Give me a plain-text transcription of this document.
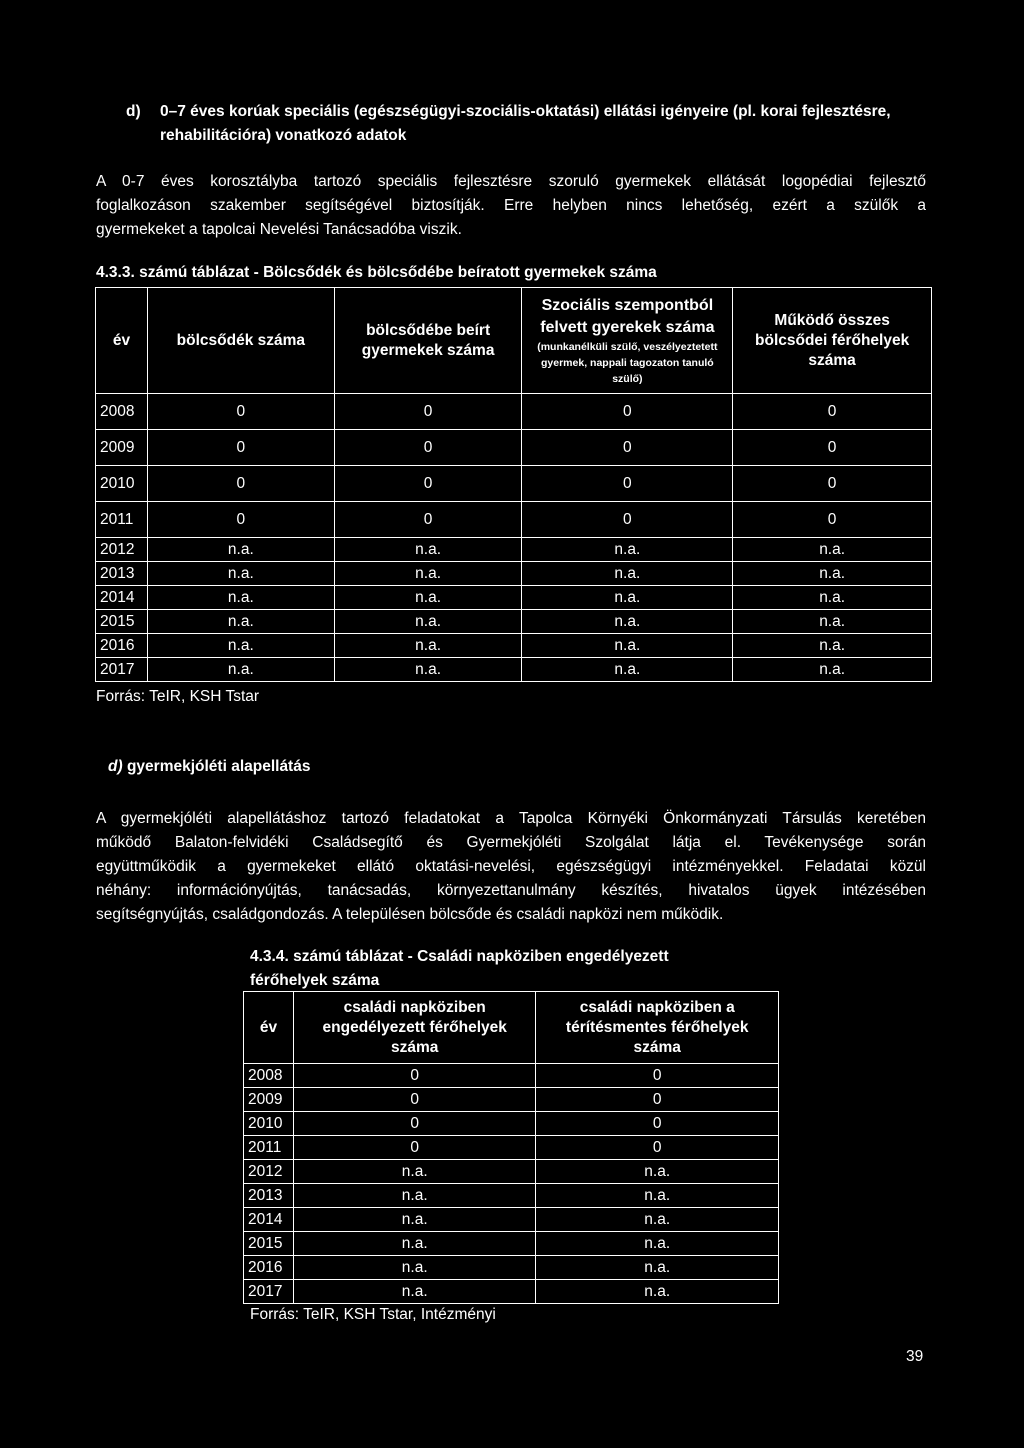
d) 0–7 éves korúak speciális (egészségügyi-szociális-oktatási) ellátási igényeire (pl. korai fejlesztésre,
rehabilitációra) vonatkozó adatok
A 0-7 éves korosztályba tartozó speciális fejlesztésre szoruló gyermekek ellátását logopédiai fejlesztő
foglalkozáson szakember segítségével biztosítják. Erre helyben nincs lehetőség, ezért a szülők a
gyermekeket a tapolcai Nevelési Tanácsadóba viszik.
4.3.3. számú táblázat - Bölcsődék és bölcsődébe beíratott gyermekek száma
év	bölcsődék száma	bölcsődébe beírt gyermekek száma	Szociális szempontból felvett gyerekek száma
(munkanélküli szülő, veszélyeztetett gyermek, nappali tagozaton tanuló szülő)	Működő összes bölcsődei férőhelyek száma
2008	0	0	0	0
2009	0	0	0	0
2010	0	0	0	0
2011	0	0	0	0
2012	n.a.	n.a.	n.a.	n.a.
2013	n.a.	n.a.	n.a.	n.a.
2014	n.a.	n.a.	n.a.	n.a.
2015	n.a.	n.a.	n.a.	n.a.
2016	n.a.	n.a.	n.a.	n.a.
2017	n.a.	n.a.	n.a.	n.a.
Forrás: TeIR, KSH Tstar
d) gyermekjóléti alapellátás
A gyermekjóléti alapellátáshoz tartozó feladatokat a Tapolca Környéki Önkormányzati Társulás keretében
működő Balaton-felvidéki Családsegítő és Gyermekjóléti Szolgálat látja el. Tevékenysége során
együttműködik a gyermekeket ellátó oktatási-nevelési, egészségügyi intézményekkel. Feladatai közül
néhány: információnyújtás, tanácsadás, környezettanulmány készítés, hivatalos ügyek intézésében
segítségnyújtás, családgondozás. A településen bölcsőde és családi napközi nem működik.
4.3.4. számú táblázat - Családi napköziben engedélyezett
férőhelyek száma
év	családi napköziben engedélyezett férőhelyek száma	családi napköziben a térítésmentes férőhelyek száma
2008	0	0
2009	0	0
2010	0	0
2011	0	0
2012	n.a.	n.a.
2013	n.a.	n.a.
2014	n.a.	n.a.
2015	n.a.	n.a.
2016	n.a.	n.a.
2017	n.a.	n.a.
Forrás: TeIR, KSH Tstar, Intézményi
39
